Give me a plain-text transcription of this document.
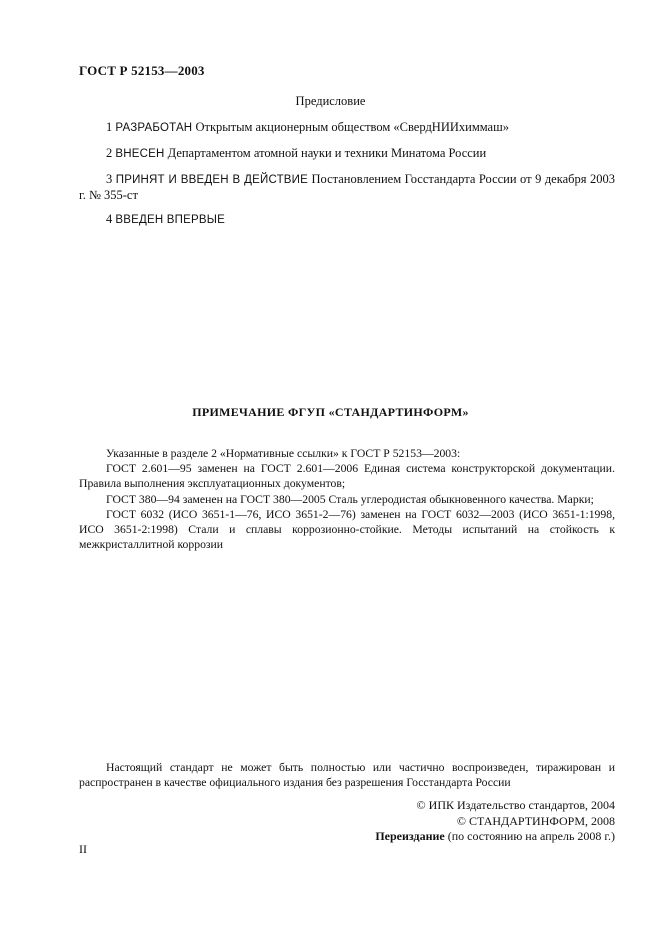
ГОСТ Р 52153—2003
Предисловие

1 РАЗРАБОТАН Открытым акционерным обществом «СвердНИИхиммаш»

2 ВНЕСЕН Департаментом атомной науки и техники Минатома России

3 ПРИНЯТ И ВВЕДЕН В ДЕЙСТВИЕ Постановлением Госстандарта России от 9 декабря 2003 г. № 355-ст

4 ВВЕДЕН ВПЕРВЫЕ

ПРИМЕЧАНИЕ ФГУП «СТАНДАРТИНФОРМ»

Указанные в разделе 2 «Нормативные ссылки» к ГОСТ Р 52153—2003:

ГОСТ 2.601—95 заменен на ГОСТ 2.601—2006 Единая система конструкторской документации. Правила выполнения эксплуатационных документов;

ГОСТ 380—94 заменен на ГОСТ 380—2005 Сталь углеродистая обыкновенного качества. Марки;

ГОСТ 6032 (ИСО 3651-1—76, ИСО 3651-2—76) заменен на ГОСТ 6032—2003 (ИСО 3651-1:1998, ИСО 3651-2:1998) Стали и сплавы коррозионно-стойкие. Методы испытаний на стойкость к межкристаллитной коррозии

Настоящий стандарт не может быть полностью или частично воспроизведен, тиражирован и распространен в качестве официального издания без разрешения Госстандарта России

© ИПК Издательство стандартов, 2004
© СТАНДАРТИНФОРМ, 2008
Переиздание (по состоянию на апрель 2008 г.)
II
